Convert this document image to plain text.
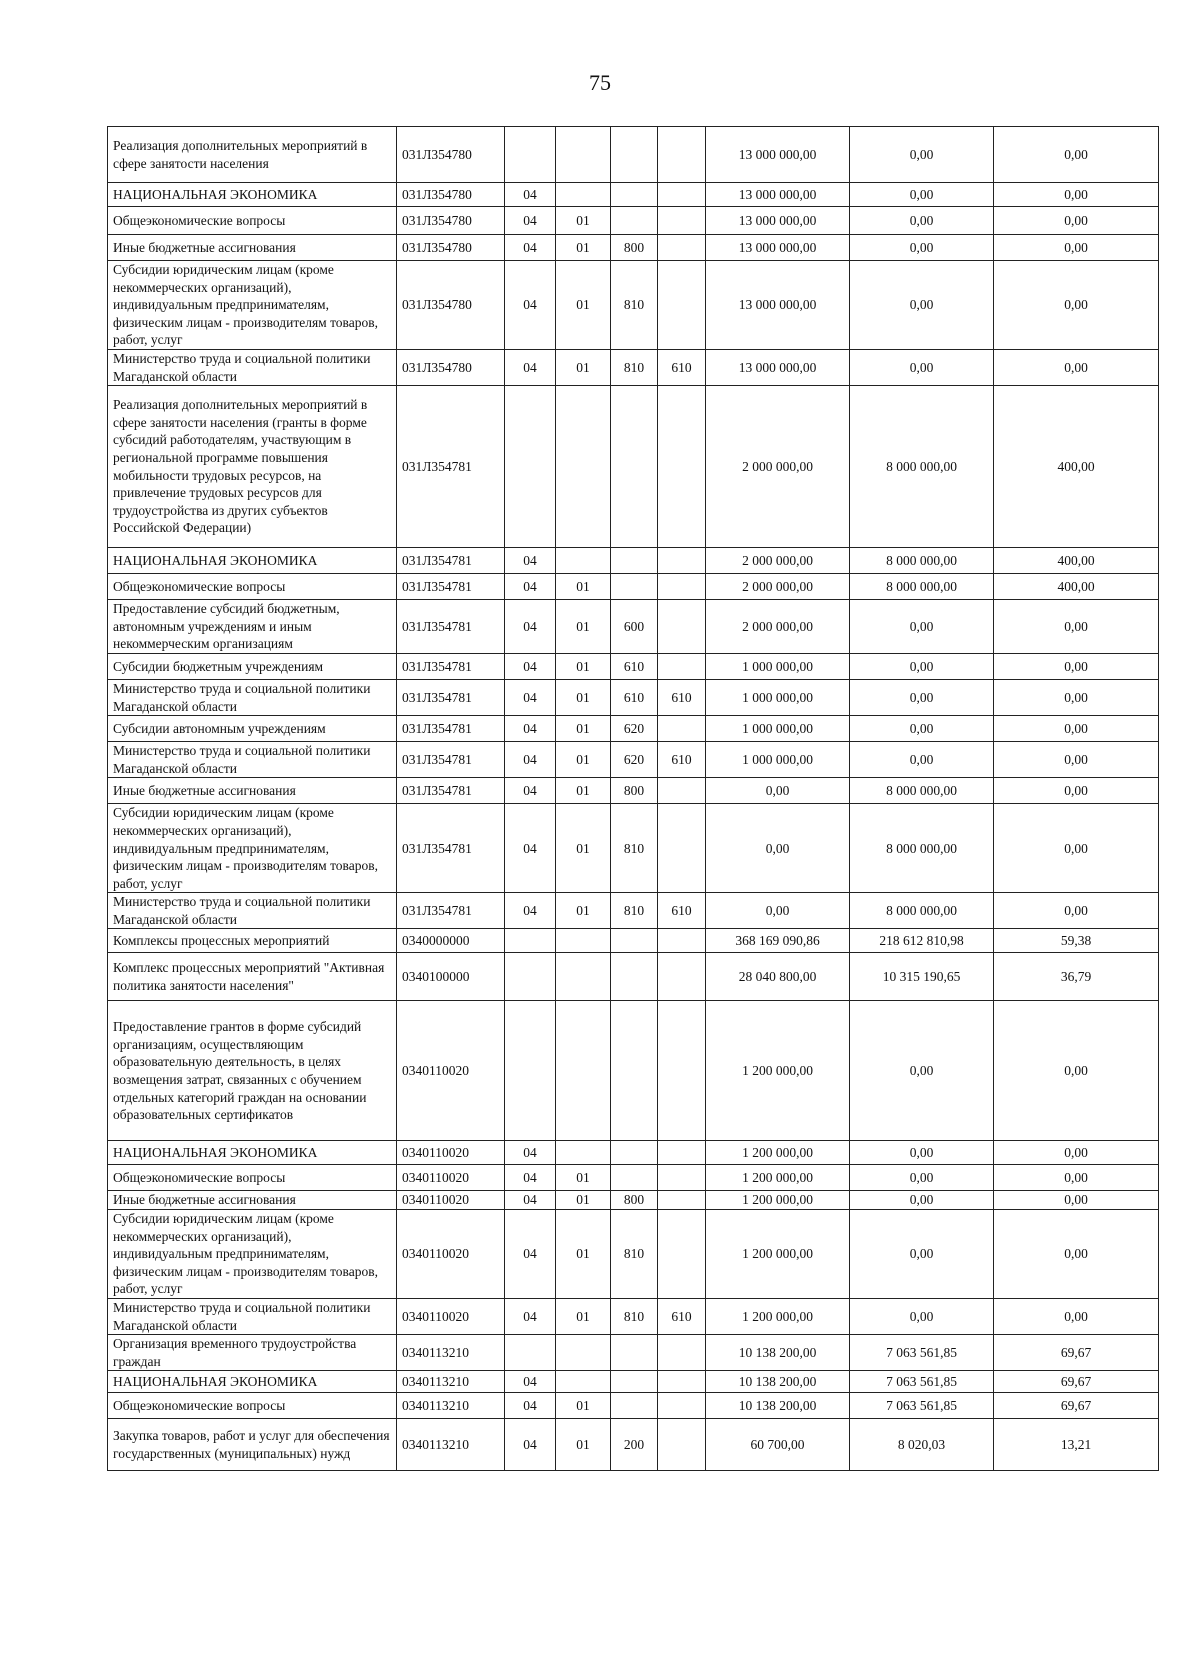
75
Реализация дополнительных мероприятий в сфере занятости населения	031Л354780					13 000 000,00	0,00	0,00
НАЦИОНАЛЬНАЯ ЭКОНОМИКА	031Л354780	04				13 000 000,00	0,00	0,00
Общеэкономические вопросы	031Л354780	04	01			13 000 000,00	0,00	0,00
Иные бюджетные ассигнования	031Л354780	04	01	800		13 000 000,00	0,00	0,00
Субсидии юридическим лицам (кроме некоммерческих организаций), индивидуальным предпринимателям, физическим лицам - производителям товаров, работ, услуг	031Л354780	04	01	810		13 000 000,00	0,00	0,00
Министерство труда и социальной политики Магаданской области	031Л354780	04	01	810	610	13 000 000,00	0,00	0,00
Реализация дополнительных мероприятий в сфере занятости населения (гранты в форме субсидий работодателям, участвующим в региональной программе повышения мобильности трудовых ресурсов, на привлечение трудовых ресурсов для трудоустройства из других субъектов Российской Федерации)	031Л354781					2 000 000,00	8 000 000,00	400,00
НАЦИОНАЛЬНАЯ ЭКОНОМИКА	031Л354781	04				2 000 000,00	8 000 000,00	400,00
Общеэкономические вопросы	031Л354781	04	01			2 000 000,00	8 000 000,00	400,00
Предоставление субсидий бюджетным, автономным учреждениям и иным некоммерческим организациям	031Л354781	04	01	600		2 000 000,00	0,00	0,00
Субсидии бюджетным учреждениям	031Л354781	04	01	610		1 000 000,00	0,00	0,00
Министерство труда и социальной политики Магаданской области	031Л354781	04	01	610	610	1 000 000,00	0,00	0,00
Субсидии автономным учреждениям	031Л354781	04	01	620		1 000 000,00	0,00	0,00
Министерство труда и социальной политики Магаданской области	031Л354781	04	01	620	610	1 000 000,00	0,00	0,00
Иные бюджетные ассигнования	031Л354781	04	01	800		0,00	8 000 000,00	0,00
Субсидии юридическим лицам (кроме некоммерческих организаций), индивидуальным предпринимателям, физическим лицам - производителям товаров, работ, услуг	031Л354781	04	01	810		0,00	8 000 000,00	0,00
Министерство труда и социальной политики Магаданской области	031Л354781	04	01	810	610	0,00	8 000 000,00	0,00
Комплексы процессных мероприятий	0340000000					368 169 090,86	218 612 810,98	59,38
Комплекс процессных мероприятий "Активная политика занятости населения"	0340100000					28 040 800,00	10 315 190,65	36,79
Предоставление грантов в форме субсидий организациям, осуществляющим образовательную деятельность, в целях возмещения затрат, связанных с обучением отдельных категорий граждан на основании образовательных сертификатов	0340110020					1 200 000,00	0,00	0,00
НАЦИОНАЛЬНАЯ ЭКОНОМИКА	0340110020	04				1 200 000,00	0,00	0,00
Общеэкономические вопросы	0340110020	04	01			1 200 000,00	0,00	0,00
Иные бюджетные ассигнования	0340110020	04	01	800		1 200 000,00	0,00	0,00
Субсидии юридическим лицам (кроме некоммерческих организаций), индивидуальным предпринимателям, физическим лицам - производителям товаров, работ, услуг	0340110020	04	01	810		1 200 000,00	0,00	0,00
Министерство труда и социальной политики Магаданской области	0340110020	04	01	810	610	1 200 000,00	0,00	0,00
Организация временного трудоустройства граждан	0340113210					10 138 200,00	7 063 561,85	69,67
НАЦИОНАЛЬНАЯ ЭКОНОМИКА	0340113210	04				10 138 200,00	7 063 561,85	69,67
Общеэкономические вопросы	0340113210	04	01			10 138 200,00	7 063 561,85	69,67
Закупка товаров, работ и услуг для обеспечения государственных (муниципальных) нужд	0340113210	04	01	200		60 700,00	8 020,03	13,21
